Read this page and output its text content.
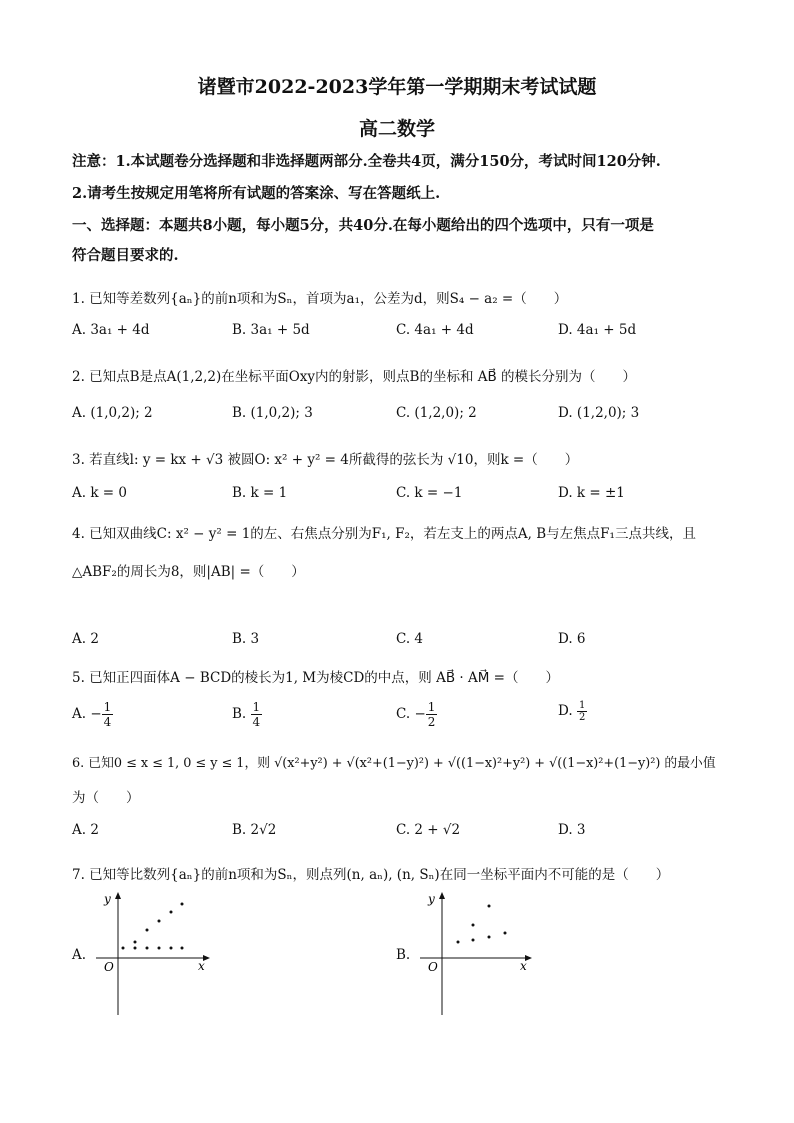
诸暨市2022-2023学年第一学期期末考试试题
高二数学
注意：1.本试题卷分选择题和非选择题两部分.全卷共4页，满分150分，考试时间120分钟.
2.请考生按规定用笔将所有试题的答案涂、写在答题纸上.
一、选择题：本题共8小题，每小题5分，共40分.在每小题给出的四个选项中，只有一项是
符合题目要求的.
1. 已知等差数列{aₙ}的前n项和为Sₙ，首项为a₁，公差为d，则S₄ − a₂ =（　　）
A. 3a₁ + 4d	B. 3a₁ + 5d	C. 4a₁ + 4d	D. 4a₁ + 5d
2. 已知点B是点A(1,2,2)在坐标平面Oxy内的射影，则点B的坐标和 AB⃗ 的模长分别为（　　）
A. (1,0,2); 2	B. (1,0,2); 3	C. (1,2,0); 2	D. (1,2,0); 3
3. 若直线l: y = kx + √3 被圆O: x² + y² = 4所截得的弦长为 √10，则k =（　　）
A. k = 0	B. k = 1	C. k = −1	D. k = ±1
4. 已知双曲线C: x² − y² = 1的左、右焦点分别为F₁, F₂，若左支上的两点A, B与左焦点F₁三点共线，且
△ABF₂的周长为8，则|AB| =（　　）
A. 2	B. 3	C. 4	D. 6
5. 已知正四面体A − BCD的棱长为1, M为棱CD的中点，则 AB⃗ · AM⃗ =（　　）
A. − $\frac{1}{4}$	B. $\frac{1}{4}$	C. − $\frac{1}{2}$	D. $\frac{1}{2}$
6. 已知0 ≤ x ≤ 1, 0 ≤ y ≤ 1，则 √(x²+y²) + √(x²+(1−y)²) + √((1−x)²+y²) + √((1−x)²+(1−y)²) 的最小值
为（　　）
A. 2	B. 2√2	C. 2 + √2	D. 3
7. 已知等比数列{aₙ}的前n项和为Sₙ，则点列(n, aₙ), (n, Sₙ)在同一坐标平面内不可能的是（　　）
A.
y
x
O
B.
y
x
O
